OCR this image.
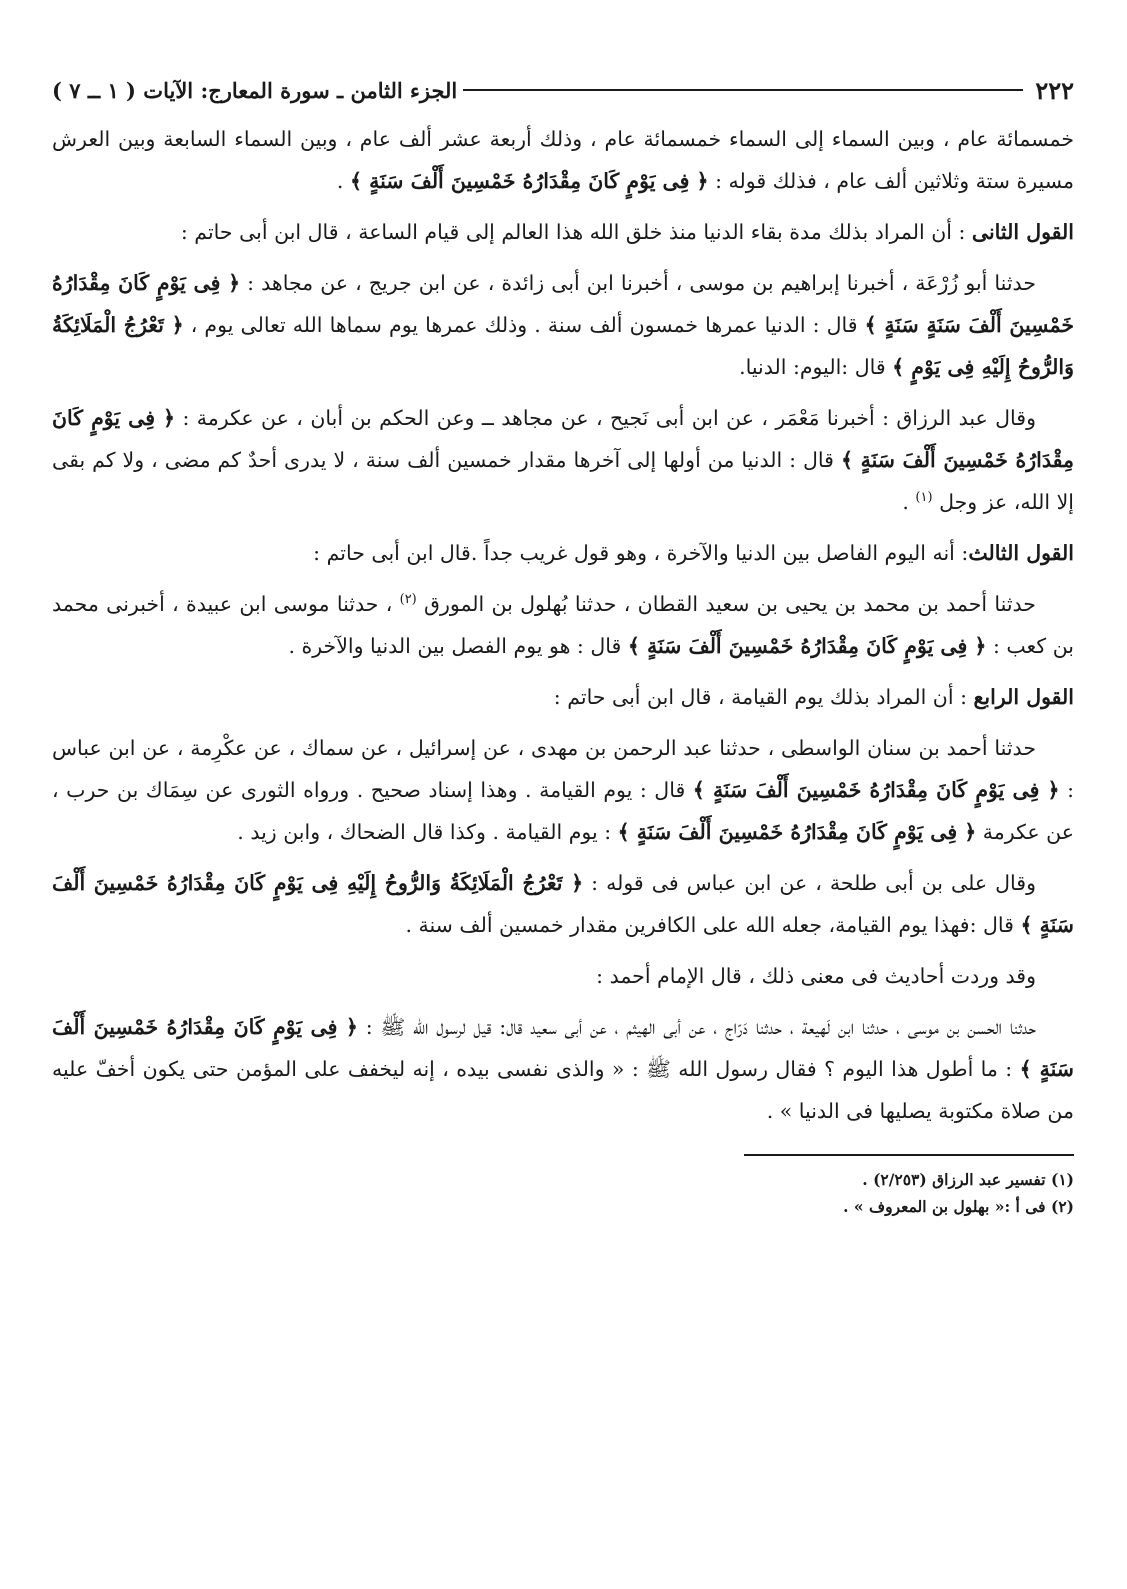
٢٢٢
الجزء الثامن ـ سورة المعارج: الآيات ( ١ ــ ٧ )

خمسمائة عام ، وبين السماء إلى السماء خمسمائة عام ، وذلك أربعة عشر ألف عام ، وبين السماء السابعة وبين العرش مسيرة ستة وثلاثين ألف عام ، فذلك قوله : ﴿ فِى يَوْمٍ كَانَ مِقْدَارُهُ خَمْسِينَ أَلْفَ سَنَةٍ ﴾ .

القول الثانى : أن المراد بذلك مدة بقاء الدنيا منذ خلق الله هذا العالم إلى قيام الساعة ، قال ابن أبى حاتم :

حدثنا أبو زُرْعَة ، أخبرنا إبراهيم بن موسى ، أخبرنا ابن أبى زائدة ، عن ابن جريج ، عن مجاهد : ﴿ فِى يَوْمٍ كَانَ مِقْدَارُهُ خَمْسِينَ أَلْفَ سَنَةٍ سَنَةٍ ﴾ قال : الدنيا عمرها خمسون ألف سنة . وذلك عمرها يوم سماها الله تعالى يوم ، ﴿ تَعْرُجُ الْمَلَائِكَةُ وَالرُّوحُ إِلَيْهِ فِى يَوْمٍ ﴾ قال :اليوم: الدنيا.

وقال عبد الرزاق : أخبرنا مَعْمَر ، عن ابن أبى نَجيح ، عن مجاهد ــ وعن الحكم بن أبان ، عن عكرمة : ﴿ فِى يَوْمٍ كَانَ مِقْدَارُهُ خَمْسِينَ أَلْفَ سَنَةٍ ﴾ قال : الدنيا من أولها إلى آخرها مقدار خمسين ألف سنة ، لا يدرى أحدٌ كم مضى ، ولا كم بقى إلا الله، عز وجل $^{(١)}$ .

القول الثالث: أنه اليوم الفاصل بين الدنيا والآخرة ، وهو قول غريب جداً .قال ابن أبى حاتم :

حدثنا أحمد بن محمد بن يحيى بن سعيد القطان ، حدثنا بُهلول بن المورق $^{(٢)}$ ، حدثنا موسى ابن عبيدة ، أخبرنى محمد بن كعب : ﴿ فِى يَوْمٍ كَانَ مِقْدَارُهُ خَمْسِينَ أَلْفَ سَنَةٍ ﴾ قال : هو يوم الفصل بين الدنيا والآخرة .

القول الرابع : أن المراد بذلك يوم القيامة ، قال ابن أبى حاتم :

حدثنا أحمد بن سنان الواسطى ، حدثنا عبد الرحمن بن مهدى ، عن إسرائيل ، عن سماك ، عن عكْرِمة ، عن ابن عباس : ﴿ فِى يَوْمٍ كَانَ مِقْدَارُهُ خَمْسِينَ أَلْفَ سَنَةٍ ﴾ قال : يوم القيامة . وهذا إسناد صحيح . ورواه الثورى عن سِمَاك بن حرب ، عن عكرمة ﴿ فِى يَوْمٍ كَانَ مِقْدَارُهُ خَمْسِينَ أَلْفَ سَنَةٍ ﴾ : يوم القيامة . وكذا قال الضحاك ، وابن زيد .

وقال على بن أبى طلحة ، عن ابن عباس فى قوله : ﴿ تَعْرُجُ الْمَلَائِكَةُ وَالرُّوحُ إِلَيْهِ فِى يَوْمٍ كَانَ مِقْدَارُهُ خَمْسِينَ أَلْفَ سَنَةٍ ﴾ قال :فهذا يوم القيامة، جعله الله على الكافرين مقدار خمسين ألف سنة .

وقد وردت أحاديث فى معنى ذلك ، قال الإمام أحمد :

حدثنا الحسن بن موسى ، حدثنا ابن لَهيعة ، حدثنا دَرّاج ، عن أبى الهيثم ، عن أبى سعيد قال: قيل لرسول الله ﷺ : ﴿ فِى يَوْمٍ كَانَ مِقْدَارُهُ خَمْسِينَ أَلْفَ سَنَةٍ ﴾ : ما أطول هذا اليوم ؟ فقال رسول الله ﷺ : « والذى نفسى بيده ، إنه ليخفف على المؤمن حتى يكون أخفّ عليه من صلاة مكتوبة يصليها فى الدنيا » .

(١) تفسير عبد الرزاق (٢/٢٥٣) .

(٢) فى أ :« بهلول بن المعروف » .
